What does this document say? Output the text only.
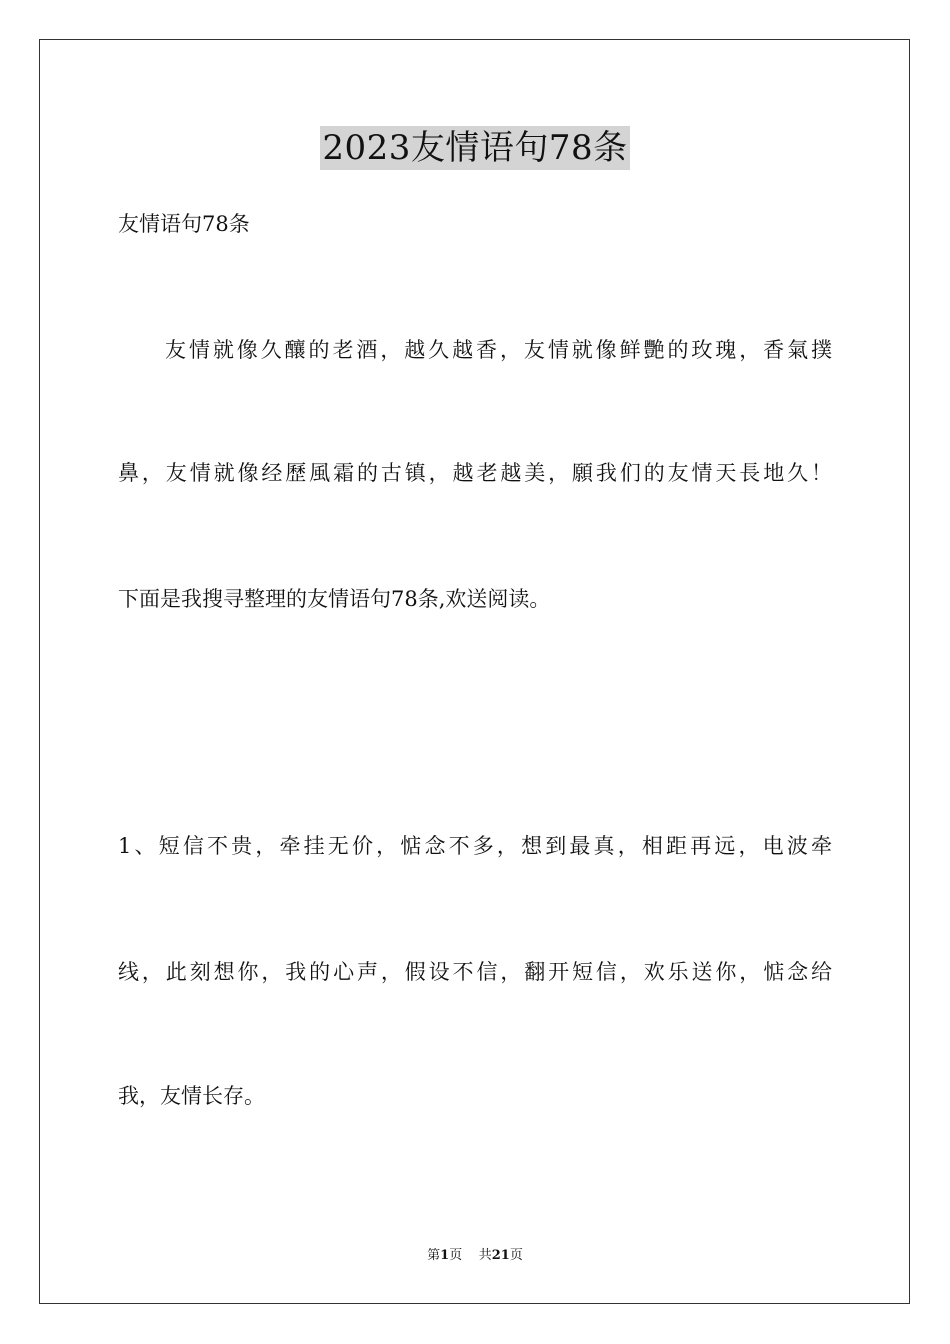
2023友情语句78条
友情语句78条
友情就像久釀的老酒，越久越香，友情就像鲜艷的玫瑰，香氣撲
鼻，友情就像经歷風霜的古镇，越老越美，願我们的友情天長地久！
下面是我搜寻整理的友情语句78条,欢送阅读。
1、短信不贵，牵挂无价，惦念不多，想到最真，相距再远，电波牵
线，此刻想你，我的心声，假设不信，翻开短信，欢乐送你，惦念给
我，友情长存。
第1页 共21页
